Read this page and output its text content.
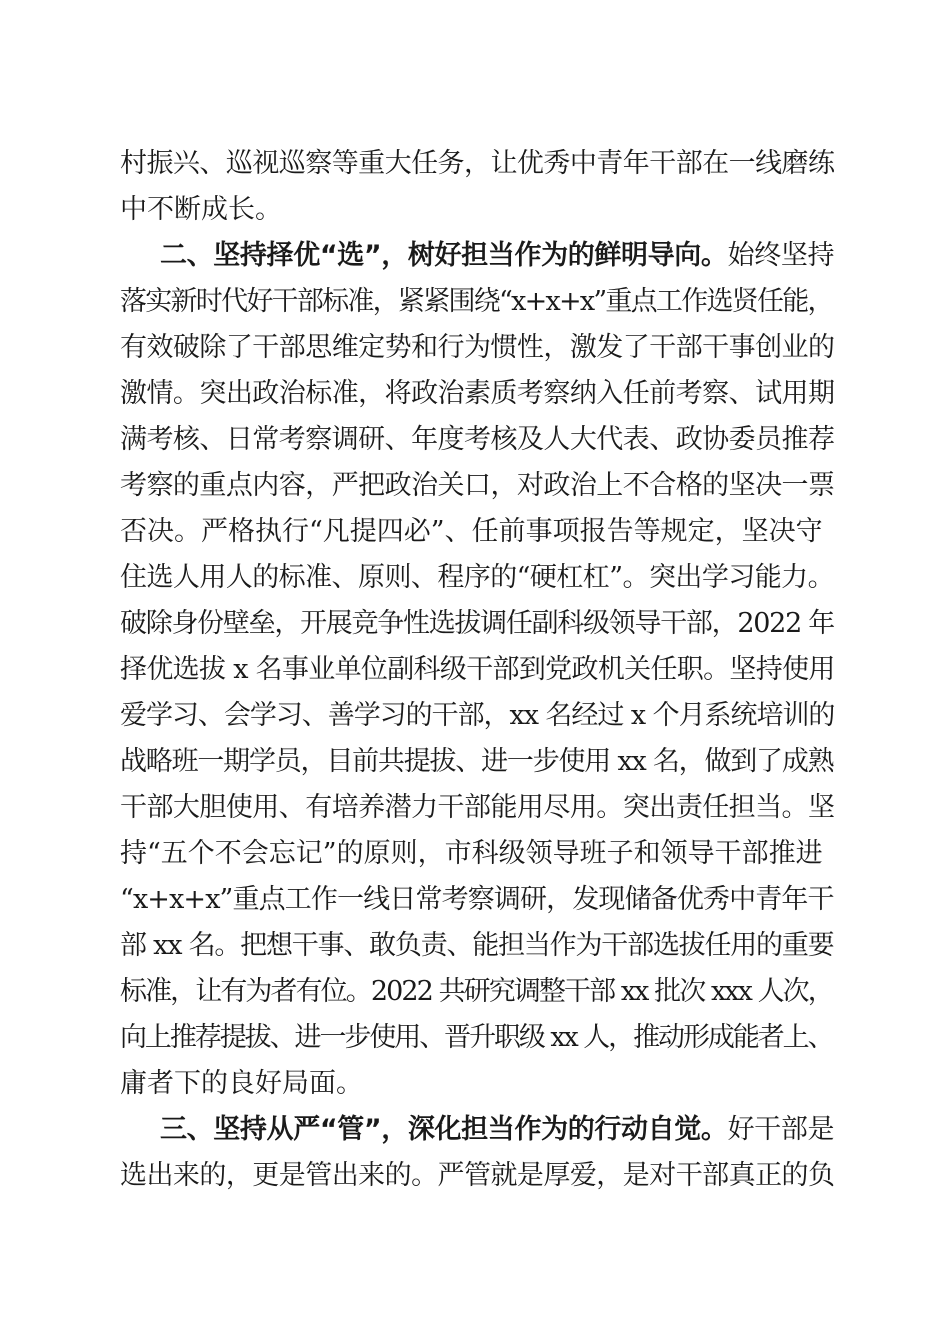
村振兴、巡视巡察等重大任务，让优秀中青年干部在一线磨练
中不断成长。
二、坚持择优“选”，树好担当作为的鲜明导向。始终坚持
落实新时代好干部标准，紧紧围绕“x+x+x”重点工作选贤任能，
有效破除了干部思维定势和行为惯性，激发了干部干事创业的
激情。突出政治标准，将政治素质考察纳入任前考察、试用期
满考核、日常考察调研、年度考核及人大代表、政协委员推荐
考察的重点内容，严把政治关口，对政治上不合格的坚决一票
否决。严格执行“凡提四必”、任前事项报告等规定，坚决守
住选人用人的标准、原则、程序的“硬杠杠”。突出学习能力。
破除身份壁垒，开展竞争性选拔调任副科级领导干部，2022 年
择优选拔 x 名事业单位副科级干部到党政机关任职。坚持使用
爱学习、会学习、善学习的干部，xx 名经过 x 个月系统培训的
战略班一期学员，目前共提拔、进一步使用 xx 名，做到了成熟
干部大胆使用、有培养潜力干部能用尽用。突出责任担当。坚
持“五个不会忘记”的原则，市科级领导班子和领导干部推进
“x+x+x”重点工作一线日常考察调研，发现储备优秀中青年干
部 xx 名。把想干事、敢负责、能担当作为干部选拔任用的重要
标准，让有为者有位。2022 共研究调整干部 xx 批次 xxx 人次，
向上推荐提拔、进一步使用、晋升职级 xx 人，推动形成能者上、
庸者下的良好局面。
三、坚持从严“管”，深化担当作为的行动自觉。好干部是
选出来的，更是管出来的。严管就是厚爱，是对干部真正的负
